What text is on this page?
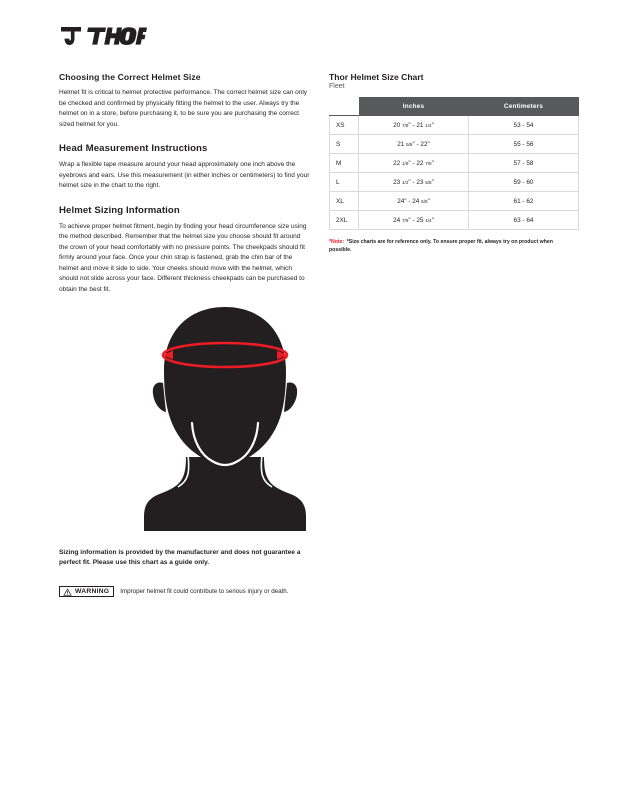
Choosing the Correct Helmet Size

Helmet fit is critical to helmet protective performance. The correct helmet size can only be checked and confirmed by physically fitting the helmet to the user. Always try the helmet on in a store, before purchasing it, to be sure you are purchasing the correct sized helmet for you.

Head Measurement Instructions

Wrap a flexible tape measure around your head approximately one inch above the eyebrows and ears. Use this measurement (in either inches or centimeters) to find your helmet size in the chart to the right.

Helmet Sizing Information

To achieve proper helmet fitment, begin by finding your head circumference size using the method described. Remember that the helmet size you choose should fit around the crown of your head comfortably with no pressure points. The cheekpads should fit firmly around your face. Once your chin strap is fastened, grab the chin bar of the helmet and move it side to side. Your cheeks should move with the helmet, which should not slide across your face. Different thickness cheekpads can be purchased to obtain the best fit.

Thor Helmet Size Chart
Fleet
	Inches	Centimeters
XS	20 7/8" - 21 1/4"	53 - 54
S	21 5/8" - 22"	55 - 56
M	22 1/8" - 22 7/8"	57 - 58
L	23 1/2" - 23 5/8"	59 - 60
XL	24" - 24 5/8"	61 - 62
2XL	24 7/8" - 25 1/4"	63 - 64
*Note: *Size charts are for reference only. To ensure proper fit, always try on product when possible.
Sizing information is provided by the manufacturer and does not guarantee a perfect fit. Please use this chart as a guide only.
WARNING Improper helmet fit could contribute to serious injury or death.
